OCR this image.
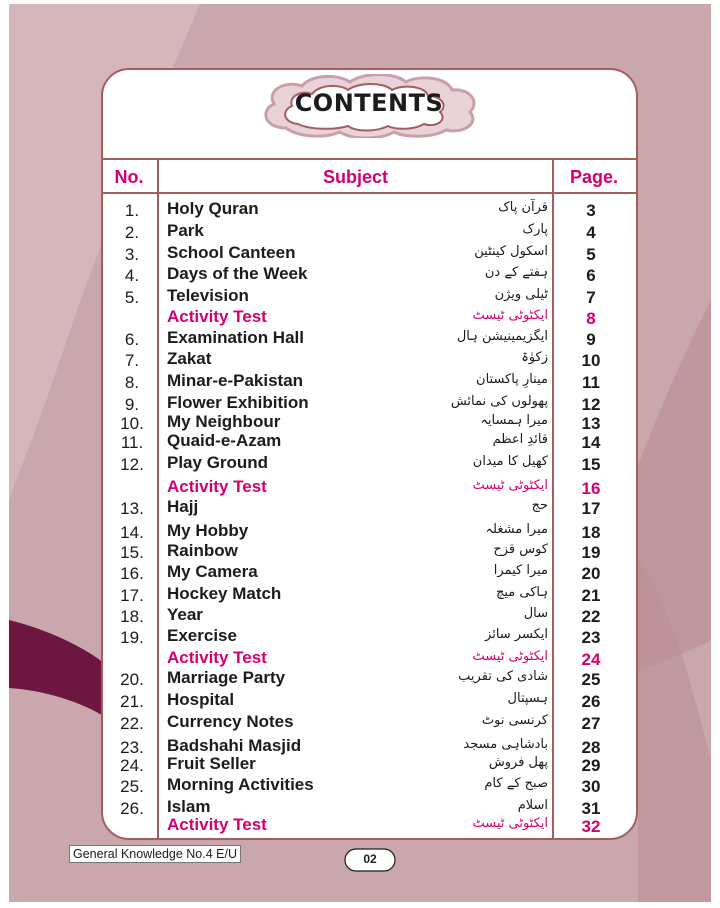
CONTENTS
No.	Subject	Page.
1.	Holy Quran	قرآن پاک	3
2.	Park	پارک	4
3.	School Canteen	اسکول کینٹین	5
4.	Days of the Week	ہفتے کے دن	6
5.	Television	ٹیلی ویژن	7
Activity Test	ایکٹوٹی ٹیسٹ	8
6.	Examination Hall	ایگزیمینیشن ہال	9
7.	Zakat	زکوٰۃ	10
8.	Minar-e-Pakistan	مینارِ پاکستان	11
9.	Flower Exhibition	پھولوں کی نمائش	12
10.	My Neighbour	میرا ہمسایہ	13
11.	Quaid-e-Azam	قائدِ اعظم	14
12.	Play Ground	کھیل کا میدان	15
Activity Test	ایکٹوٹی ٹیسٹ	16
13.	Hajj	حج	17
14.	My Hobby	میرا مشغلہ	18
15.	Rainbow	کوس قزح	19
16.	My Camera	میرا کیمرا	20
17.	Hockey Match	ہاکی میچ	21
18.	Year	سال	22
19.	Exercise	ایکسر سائز	23
Activity Test	ایکٹوٹی ٹیسٹ	24
20.	Marriage Party	شادی کی تقریب	25
21.	Hospital	ہسپتال	26
22.	Currency Notes	کرنسی نوٹ	27
23.	Badshahi Masjid	بادشاہی مسجد	28
24.	Fruit Seller	پھل فروش	29
25.	Morning Activities	صبح کے کام	30
26.	Islam	اسلام	31
Activity Test	ایکٹوٹی ٹیسٹ	32
General Knowledge No.4 E/U	02
